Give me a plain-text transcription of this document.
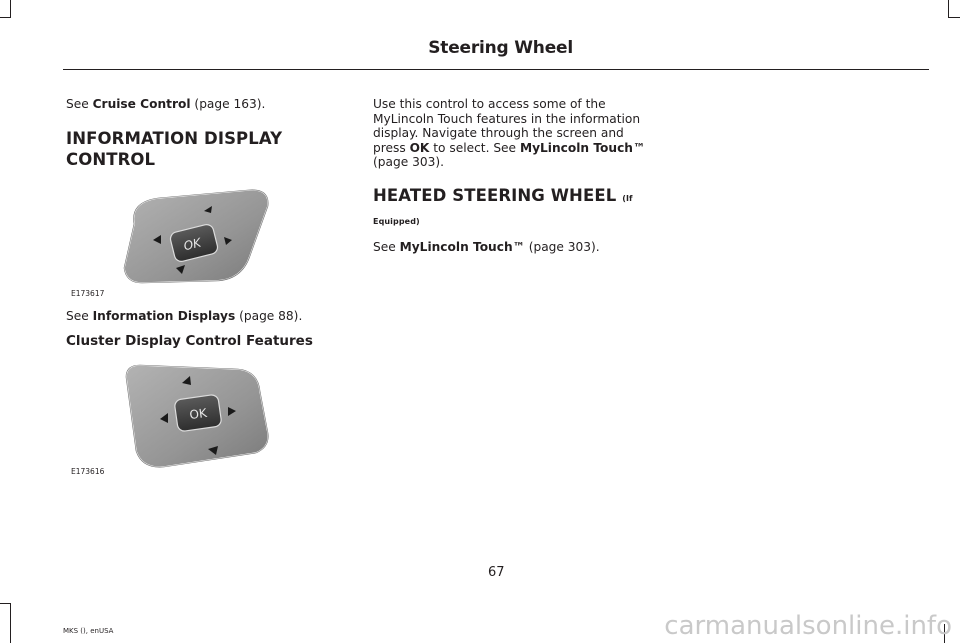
Steering Wheel

See Cruise Control (page 163).

INFORMATION DISPLAY
CONTROL
OK
E173617

See Information Displays (page 88).

Cluster Display Control Features
OK
E173616

Use this control to access some of the
MyLincoln Touch features in the information
display. Navigate through the screen and
press OK to select. See MyLincoln Touch™
(page 303).

HEATED STEERING WHEEL (If
Equipped)

See MyLincoln Touch™ (page 303).

67
MKS (), enUSA	carmanualsonline.info
